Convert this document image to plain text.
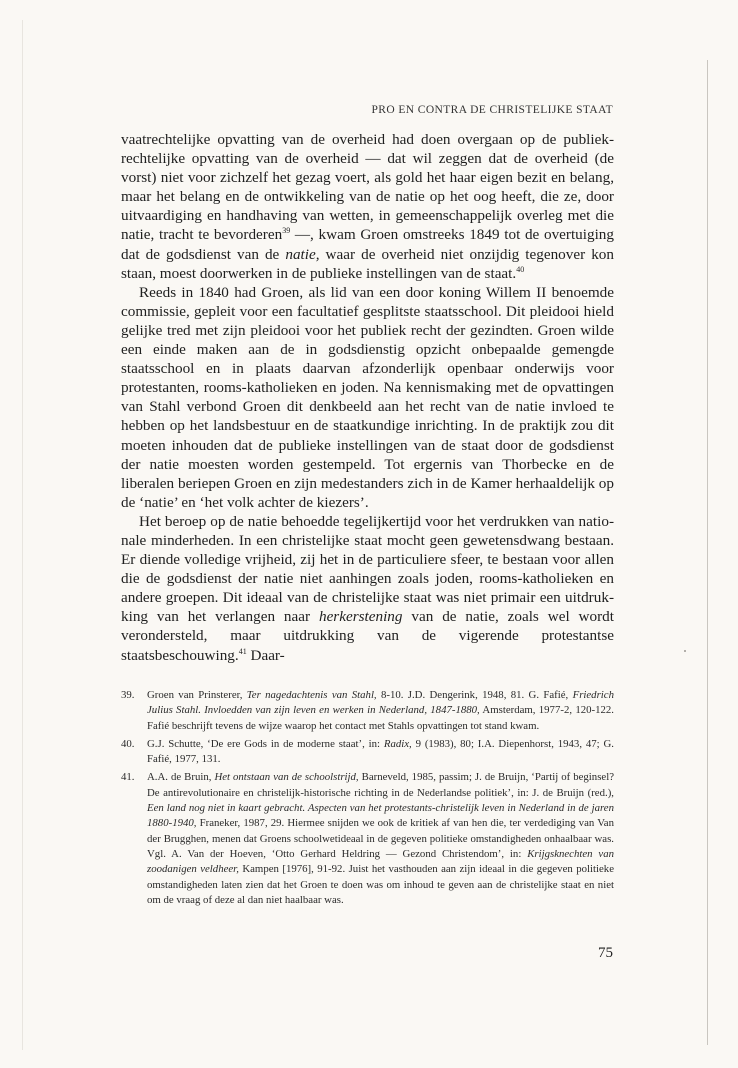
PRO EN CONTRA DE CHRISTELIJKE STAAT

vaatrechtelijke opvatting van de overheid had doen overgaan op de publiekrechtelijke opvatting van de overheid — dat wil zeggen dat de overheid (de vorst) niet voor zichzelf het gezag voert, als gold het haar eigen bezit en belang, maar het belang en de ontwikkeling van de natie op het oog heeft, die ze, door uitvaardiging en handhaving van wetten, in gemeenschappelijk overleg met die natie, tracht te bevorderen$^{39}$ —, kwam Groen omstreeks 1849 tot de overtuiging dat de godsdienst van de natie, waar de overheid niet onzijdig tegenover kon staan, moest doorwerken in de publieke instellingen van de staat.$^{40}$

Reeds in 1840 had Groen, als lid van een door koning Willem II benoemde commissie, gepleit voor een facultatief gesplitste staatsschool. Dit pleidooi hield gelijke tred met zijn pleidooi voor het publiek recht der gezindten. Groen wilde een einde maken aan de in godsdienstig opzicht onbepaalde gemengde staatsschool en in plaats daarvan afzonderlijk openbaar onderwijs voor protestanten, rooms-katholieken en joden. Na kennismaking met de opvattingen van Stahl verbond Groen dit denkbeeld aan het recht van de natie invloed te hebben op het landsbestuur en de staatkundige inrichting. In de praktijk zou dit moeten inhouden dat de publieke instellingen van de staat door de godsdienst der natie moesten worden gestempeld. Tot ergernis van Thorbecke en de liberalen beriepen Groen en zijn medestanders zich in de Kamer herhaaldelijk op de ‘natie’ en ‘het volk achter de kiezers’.

Het beroep op de natie behoedde tegelijkertijd voor het verdrukken van nationale minderheden. In een christelijke staat mocht geen gewetensdwang bestaan. Er diende volledige vrijheid, zij het in de particuliere sfeer, te bestaan voor allen die de godsdienst der natie niet aanhingen zoals joden, rooms-katholieken en andere groepen. Dit ideaal van de christelijke staat was niet primair een uitdrukking van het verlangen naar herkerstening van de natie, zoals wel wordt verondersteld, maar uitdrukking van de vigerende protestantse staatsbeschouwing.$^{41}$ Daar-

39. Groen van Prinsterer, Ter nagedachtenis van Stahl, 8-10. J.D. Dengerink, 1948, 81. G. Fafié, Friedrich Julius Stahl. Invloedden van zijn leven en werken in Nederland, 1847-1880, Amsterdam, 1977-2, 120-122. Fafié beschrijft tevens de wijze waarop het contact met Stahls opvattingen tot stand kwam.
40. G.J. Schutte, ‘De ere Gods in de moderne staat’, in: Radix, 9 (1983), 80; I.A. Diepenhorst, 1943, 47; G. Fafié, 1977, 131.
41. A.A. de Bruin, Het ontstaan van de schoolstrijd, Barneveld, 1985, passim; J. de Bruijn, ‘Partij of beginsel? De antirevolutionaire en christelijk-historische richting in de Nederlandse politiek’, in: J. de Bruijn (red.), Een land nog niet in kaart gebracht. Aspecten van het protestants-christelijk leven in Nederland in de jaren 1880-1940, Franeker, 1987, 29. Hiermee snijden we ook de kritiek af van hen die, ter verdediging van Van der Brugghen, menen dat Groens schoolwetideaal in de gegeven politieke omstandigheden onhaalbaar was. Vgl. A. Van der Hoeven, ‘Otto Gerhard Heldring — Gezond Christendom’, in: Krijgsknechten van zoodanigen veldheer, Kampen [1976], 91-92. Juist het vasthouden aan zijn ideaal in die gegeven politieke omstandigheden laten zien dat het Groen te doen was om inhoud te geven aan de christelijke staat en niet om de vraag of deze al dan niet haalbaar was.
75
